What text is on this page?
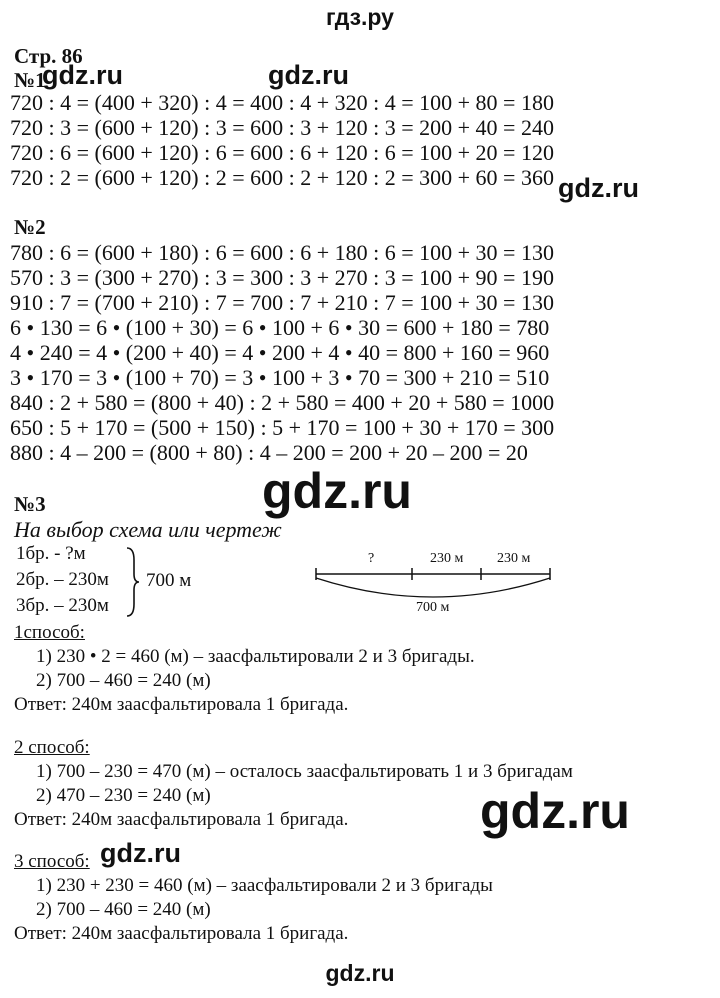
гдз.ру
Стр. 86
№1
gdz.ru	gdz.ru
720 : 4 = (400 + 320) : 4 = 400 : 4 + 320 : 4 = 100 + 80 = 180
720 : 3 = (600 + 120) : 3 = 600 : 3 + 120 : 3 = 200 + 40 = 240
720 : 6 = (600 + 120) : 6 = 600 : 6 + 120 : 6 = 100 + 20 = 120
720 : 2 = (600 + 120) : 2 = 600 : 2 + 120 : 2 = 300 + 60 = 360 gdz.ru
№2
780 : 6 = (600 + 180) : 6 = 600 : 6 + 180 : 6 = 100 + 30 = 130
570 : 3 = (300 + 270) : 3 = 300 : 3 + 270 : 3 = 100 + 90 = 190
910 : 7 = (700 + 210) : 7 = 700 : 7 + 210 : 7 = 100 + 30 = 130
6 • 130 = 6 • (100 + 30) = 6 • 100 + 6 • 30 = 600 + 180 = 780
4 • 240 = 4 • (200 + 40) = 4 • 200 + 4 • 40 = 800 + 160 = 960
3 • 170 = 3 • (100 + 70) = 3 • 100 + 3 • 70 = 300 + 210 = 510
840 : 2 + 580 = (800 + 40) : 2 + 580 = 400 + 20 + 580 = 1000
650 : 5 + 170 = (500 + 150) : 5 + 170 = 100 + 30 + 170 = 300
880 : 4 – 200 = (800 + 80) : 4 – 200 = 200 + 20 – 200 = 20
gdz.ru
№3
На выбор схема или чертеж
1бр. - ?м
2бр. – 230м
3бр. – 230м
700 м
?	230 м 230 м
700 м
1способ:
1) 230 • 2 = 460 (м) – заасфальтировали 2 и 3 бригады.
2) 700 – 460 = 240 (м)
Ответ: 240м заасфальтировала 1 бригада.
2 способ:
1) 700 – 230 = 470 (м) – осталось заасфальтировать 1 и 3 бригадам
2) 470 – 230 = 240 (м)
Ответ: 240м заасфальтировала 1 бригада.	gdz.ru
3 способ: gdz.ru
1) 230 + 230 = 460 (м) – заасфальтировали 2 и 3 бригады
2) 700 – 460 = 240 (м)
Ответ: 240м заасфальтировала 1 бригада.
gdz.ru
